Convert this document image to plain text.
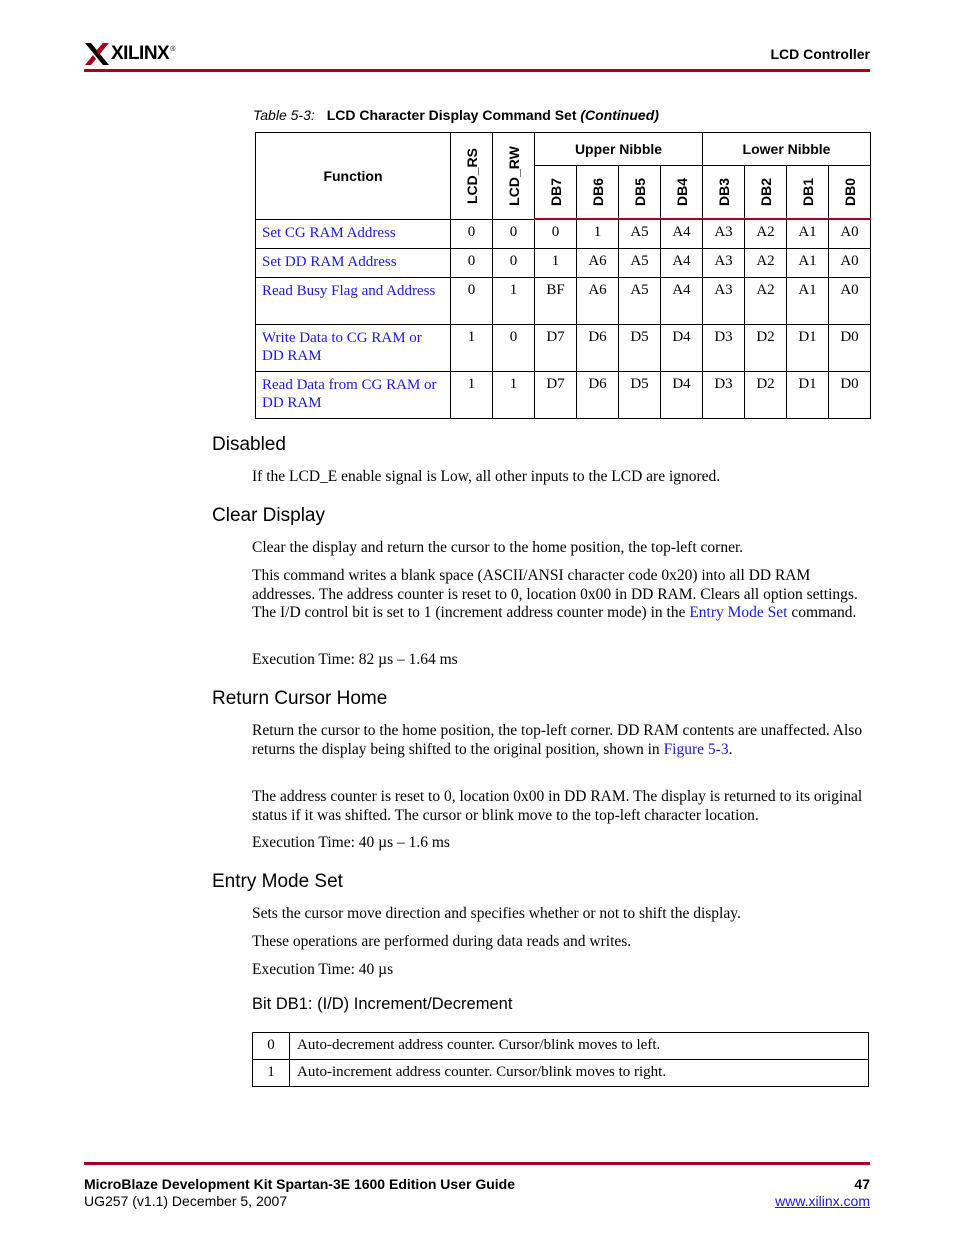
XILINX ®	LCD Controller
Table 5-3: LCD Character Display Command Set (Continued)
Function	LCD_RS	LCD_RW	Upper Nibble				Lower Nibble			

			DB7	DB6	DB5	DB4	DB3	DB2	DB1	DB0

Set CG RAM Address	0	0	0	1	A5	A4	A3	A2	A1	A0
Set DD RAM Address	0	0	1	A6	A5	A4	A3	A2	A1	A0
Read Busy Flag and Address	0	1	BF	A6	A5	A4	A3	A2	A1	A0
Write Data to CG RAM or DD RAM	1	0	D7	D6	D5	D4	D3	D2	D1	D0
Read Data from CG RAM or DD RAM	1	1	D7	D6	D5	D4	D3	D2	D1	D0
Disabled
If the LCD_E enable signal is Low, all other inputs to the LCD are ignored.
Clear Display
Clear the display and return the cursor to the home position, the top-left corner.
This command writes a blank space (ASCII/ANSI character code 0x20) into all DD RAM addresses. The address counter is reset to 0, location 0x00 in DD RAM. Clears all option settings. The I/D control bit is set to 1 (increment address counter mode) in the Entry Mode Set command.
Execution Time: 82 µs – 1.64 ms
Return Cursor Home
Return the cursor to the home position, the top-left corner. DD RAM contents are unaffected. Also returns the display being shifted to the original position, shown in Figure 5-3.
The address counter is reset to 0, location 0x00 in DD RAM. The display is returned to its original status if it was shifted. The cursor or blink move to the top-left character location.
Execution Time: 40 µs – 1.6 ms
Entry Mode Set
Sets the cursor move direction and specifies whether or not to shift the display.
These operations are performed during data reads and writes.
Execution Time: 40 µs
Bit DB1: (I/D) Increment/Decrement
0	Auto-decrement address counter. Cursor/blink moves to left.
1	Auto-increment address counter. Cursor/blink moves to right.
MicroBlaze Development Kit Spartan-3E 1600 Edition User Guide
UG257 (v1.1) December 5, 2007
47
www.xilinx.com
